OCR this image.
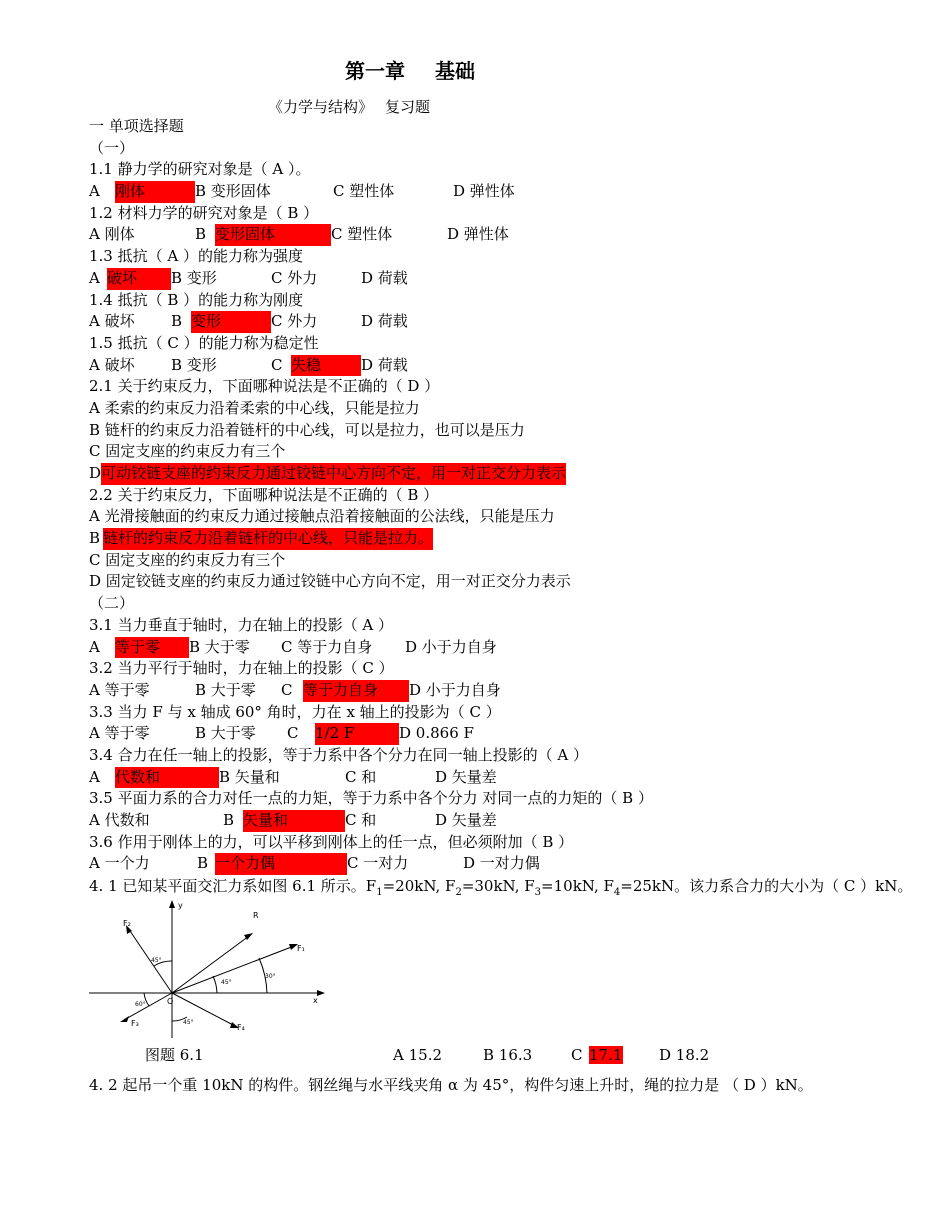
第一章 基础
《力学与结构》 复习题
一 单项选择题
（一）
1.1 静力学的研究对象是（ A ）。
A 刚体	B 变形固体	C 塑性体	D 弹性体
1.2 材料力学的研究对象是（ B ）
A 刚体	B 变形固体	C 塑性体	D 弹性体
1.3 抵抗（ A ）的能力称为强度
A 破坏 B 变形	C 外力	D 荷载
1.4 抵抗（ B ）的能力称为刚度
A 破坏 B 变形	C 外力	D 荷载
1.5 抵抗（ C ）的能力称为稳定性
A 破坏 B 变形	C 失稳	D 荷载
2.1 关于约束反力，下面哪种说法是不正确的（ D ）
A 柔索的约束反力沿着柔索的中心线，只能是拉力
B 链杆的约束反力沿着链杆的中心线，可以是拉力，也可以是压力
C 固定支座的约束反力有三个
D可动铰链支座的约束反力通过铰链中心方向不定，用一对正交分力表示
2.2 关于约束反力，下面哪种说法是不正确的（ B ）
A 光滑接触面的约束反力通过接触点沿着接触面的公法线，只能是压力
B 链杆的约束反力沿着链杆的中心线，只能是拉力。
C 固定支座的约束反力有三个
D 固定铰链支座的约束反力通过铰链中心方向不定，用一对正交分力表示
（二）
3.1 当力垂直于轴时，力在轴上的投影（ A ）
A 等于零 B 大于零 C 等于力自身 D 小于力自身
3.2 当力平行于轴时，力在轴上的投影（ C ）
A 等于零	B 大于零 C 等于力自身 D 小于力自身
3.3 当力 F 与 x 轴成 60° 角时，力在 x 轴上的投影为（ C ）
A 等于零	B 大于零 C 1/2 F	D 0.866 F
3.4 合力在任一轴上的投影，等于力系中各个分力在同一轴上投影的（ A ）
A 代数和	B 矢量和	C 和	D 矢量差
3.5 平面力系的合力对任一点的力矩，等于力系中各个分力 对同一点的力矩的（ B ）
A 代数和	B 矢量和	C 和	D 矢量差
3.6 作用于刚体上的力，可以平移到刚体上的任一点，但必须附加（ B ）
A 一个力	B 一个力偶	C 一对力	D 一对力偶
y
x
R
F₁
F₂
F₃	F₄
O
30°
45°
45°
60°
45°
4. 1 已知某平面交汇力系如图 6.1 所示。$F_1=20kN$, $F_2=30kN$, $F_3=10kN$, $F_4=25kN$。该力系合力的大小为（ C ）kN。
图题 6.1	A 15.2	B 16.3	C 17.1 D 18.2
4. 2 起吊一个重 10kN 的构件。钢丝绳与水平线夹角 α 为 45°，构件匀速上升时，绳的拉力是 （ D ）kN。
